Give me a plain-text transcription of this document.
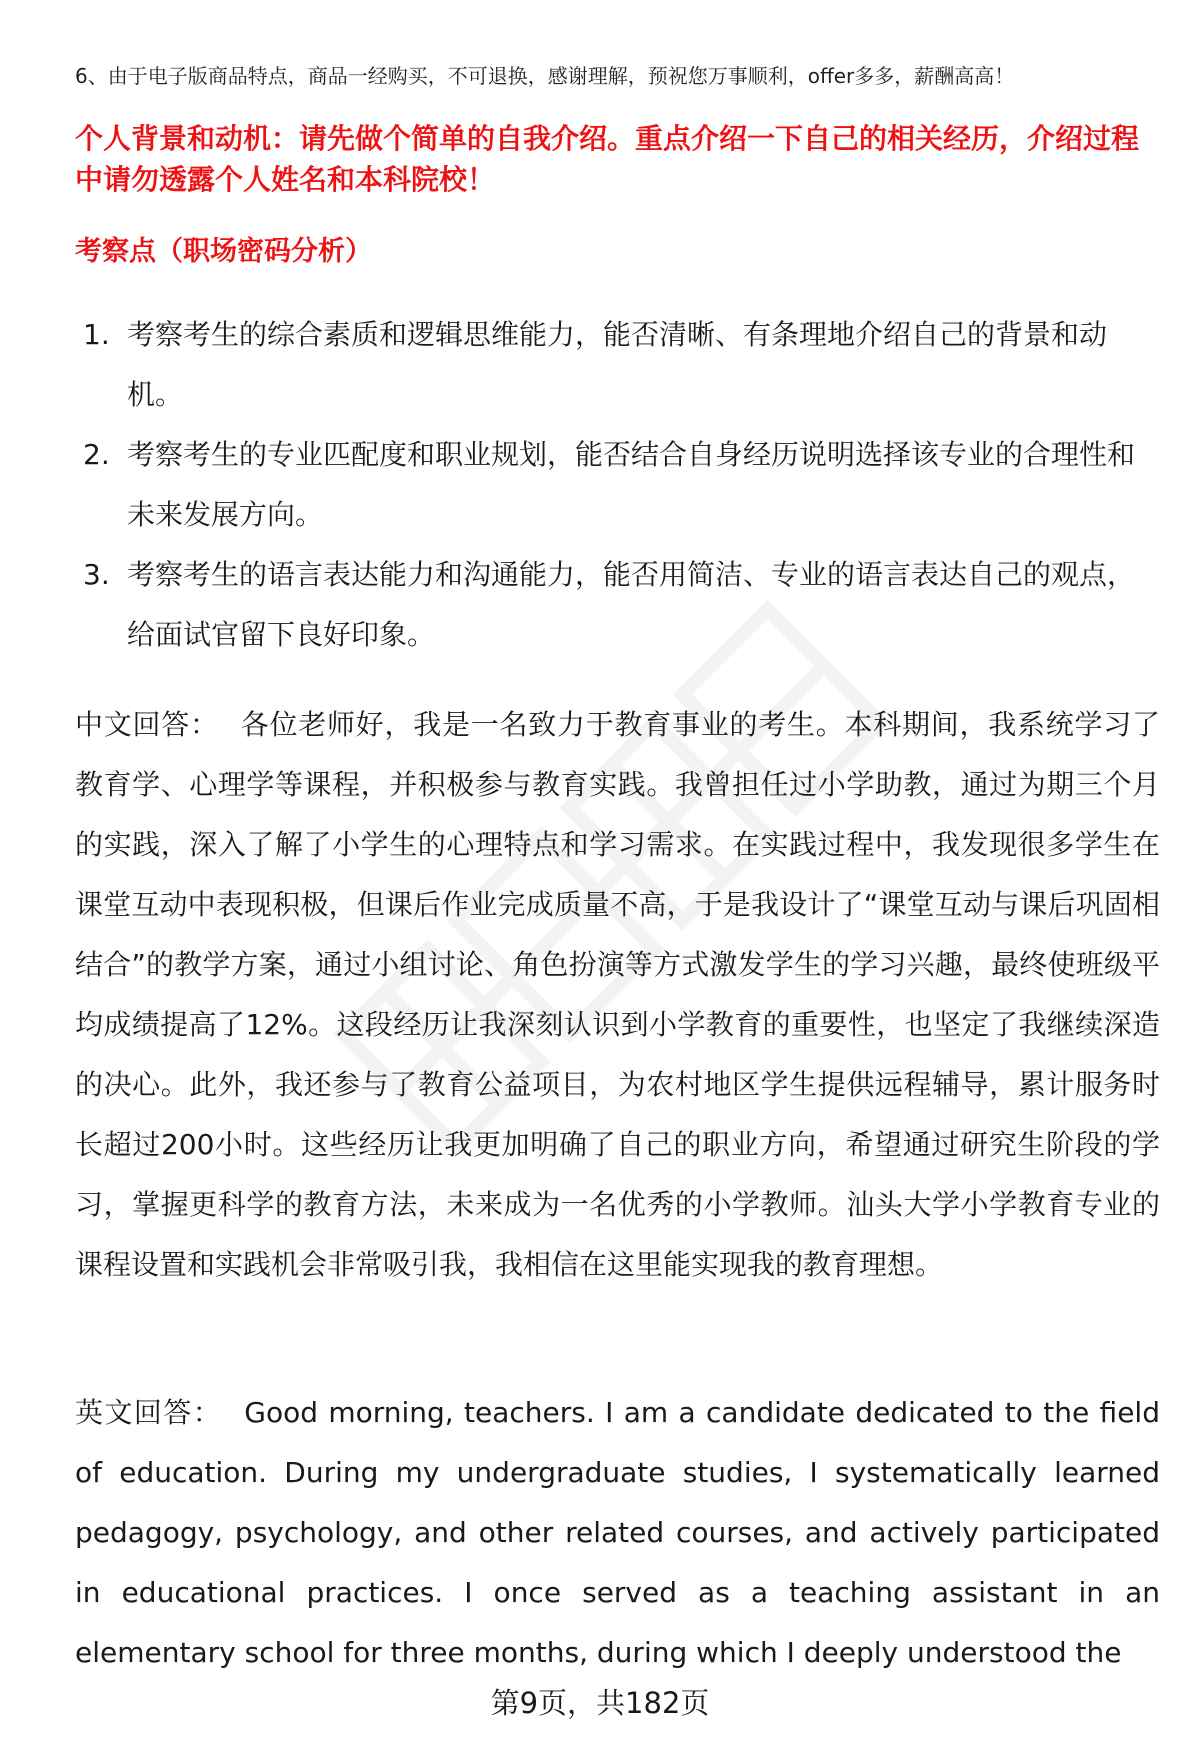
6、由于电子版商品特点，商品一经购买，不可退换，感谢理解，预祝您万事顺利，offer多多，薪酬高高！
个人背景和动机：请先做个简单的自我介绍。重点介绍一下自己的相关经历，介绍过程中请勿透露个人姓名和本科院校！
考察点（职场密码分析）
1. 考察考生的综合素质和逻辑思维能力，能否清晰、有条理地介绍自己的背景和动机。
2. 考察考生的专业匹配度和职业规划，能否结合自身经历说明选择该专业的合理性和未来发展方向。
3. 考察考生的语言表达能力和沟通能力，能否用简洁、专业的语言表达自己的观点，给面试官留下良好印象。
中文回答： 各位老师好，我是一名致力于教育事业的考生。本科期间，我系统学习了教育学、心理学等课程，并积极参与教育实践。我曾担任过小学助教，通过为期三个月的实践，深入了解了小学生的心理特点和学习需求。在实践过程中，我发现很多学生在课堂互动中表现积极，但课后作业完成质量不高，于是我设计了“课堂互动与课后巩固相结合”的教学方案，通过小组讨论、角色扮演等方式激发学生的学习兴趣，最终使班级平均成绩提高了12%。这段经历让我深刻认识到小学教育的重要性，也坚定了我继续深造的决心。此外，我还参与了教育公益项目，为农村地区学生提供远程辅导，累计服务时长超过200小时。这些经历让我更加明确了自己的职业方向，希望通过研究生阶段的学习，掌握更科学的教育方法，未来成为一名优秀的小学教师。汕头大学小学教育专业的课程设置和实践机会非常吸引我，我相信在这里能实现我的教育理想。
英文回答： Good morning, teachers. I am a candidate dedicated to the field of education. During my undergraduate studies, I systematically learned pedagogy, psychology, and other related courses, and actively participated in educational practices. I once served as a teaching assistant in an elementary school for three months, during which I deeply understood the
第9页，共182页
